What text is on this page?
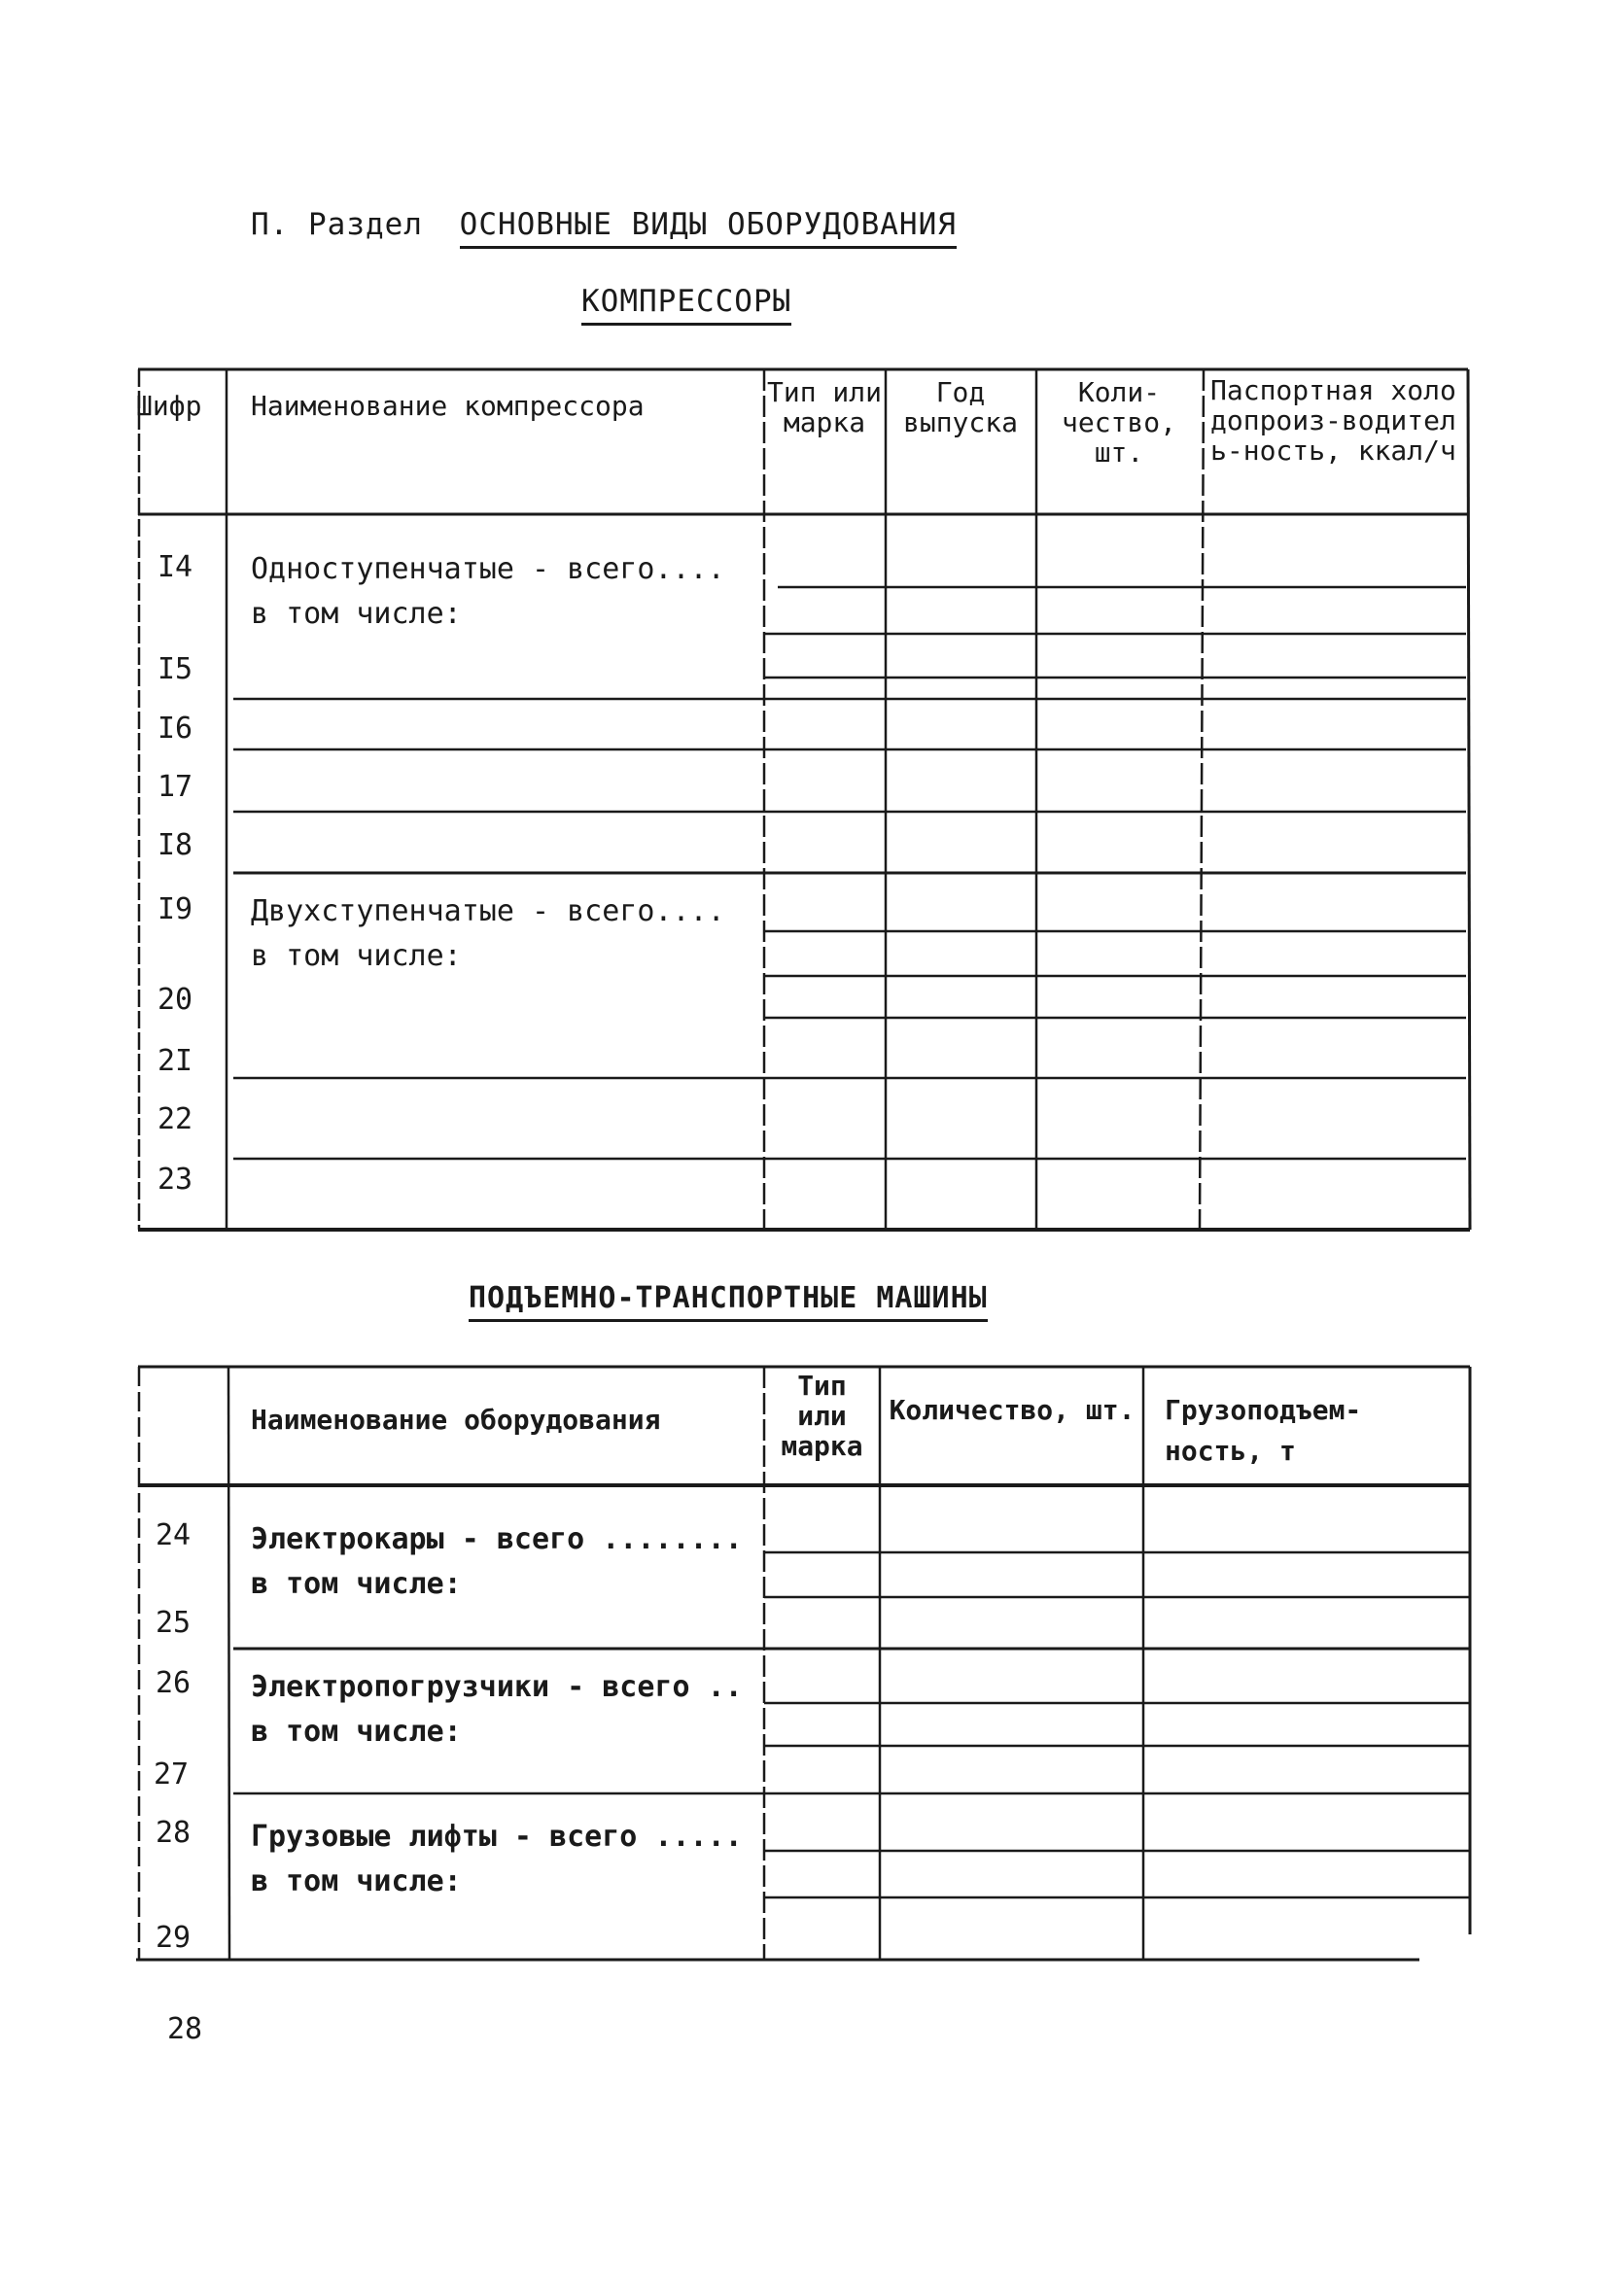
П. Раздел ОСНОВНЫЕ ВИДЫ ОБОРУДОВАНИЯ
КОМПРЕССОРЫ
Шифр Наименование компрессора	Тип или марка
Год выпуска
Коли-чество, шт.
Паспортная холодопроиз-водитель-ность, ккал/ч
I4 Одноступенчатые - всего....
в том числе:
I5
I6
17
I8
I9 Двухступенчатые - всего....
в том числе:
20
2I
22
23
ПОДЪЕМНО-ТРАНСПОРТНЫЕ МАШИНЫ
Наименование оборудования
Тип или марка
Количество, шт. Грузоподъем-ность, т
24 Электрокары - всего ........
в том числе:
25
26 Электропогрузчики - всего ..
в том числе:
27
28 Грузовые лифты - всего .....
в том числе:
29
28
